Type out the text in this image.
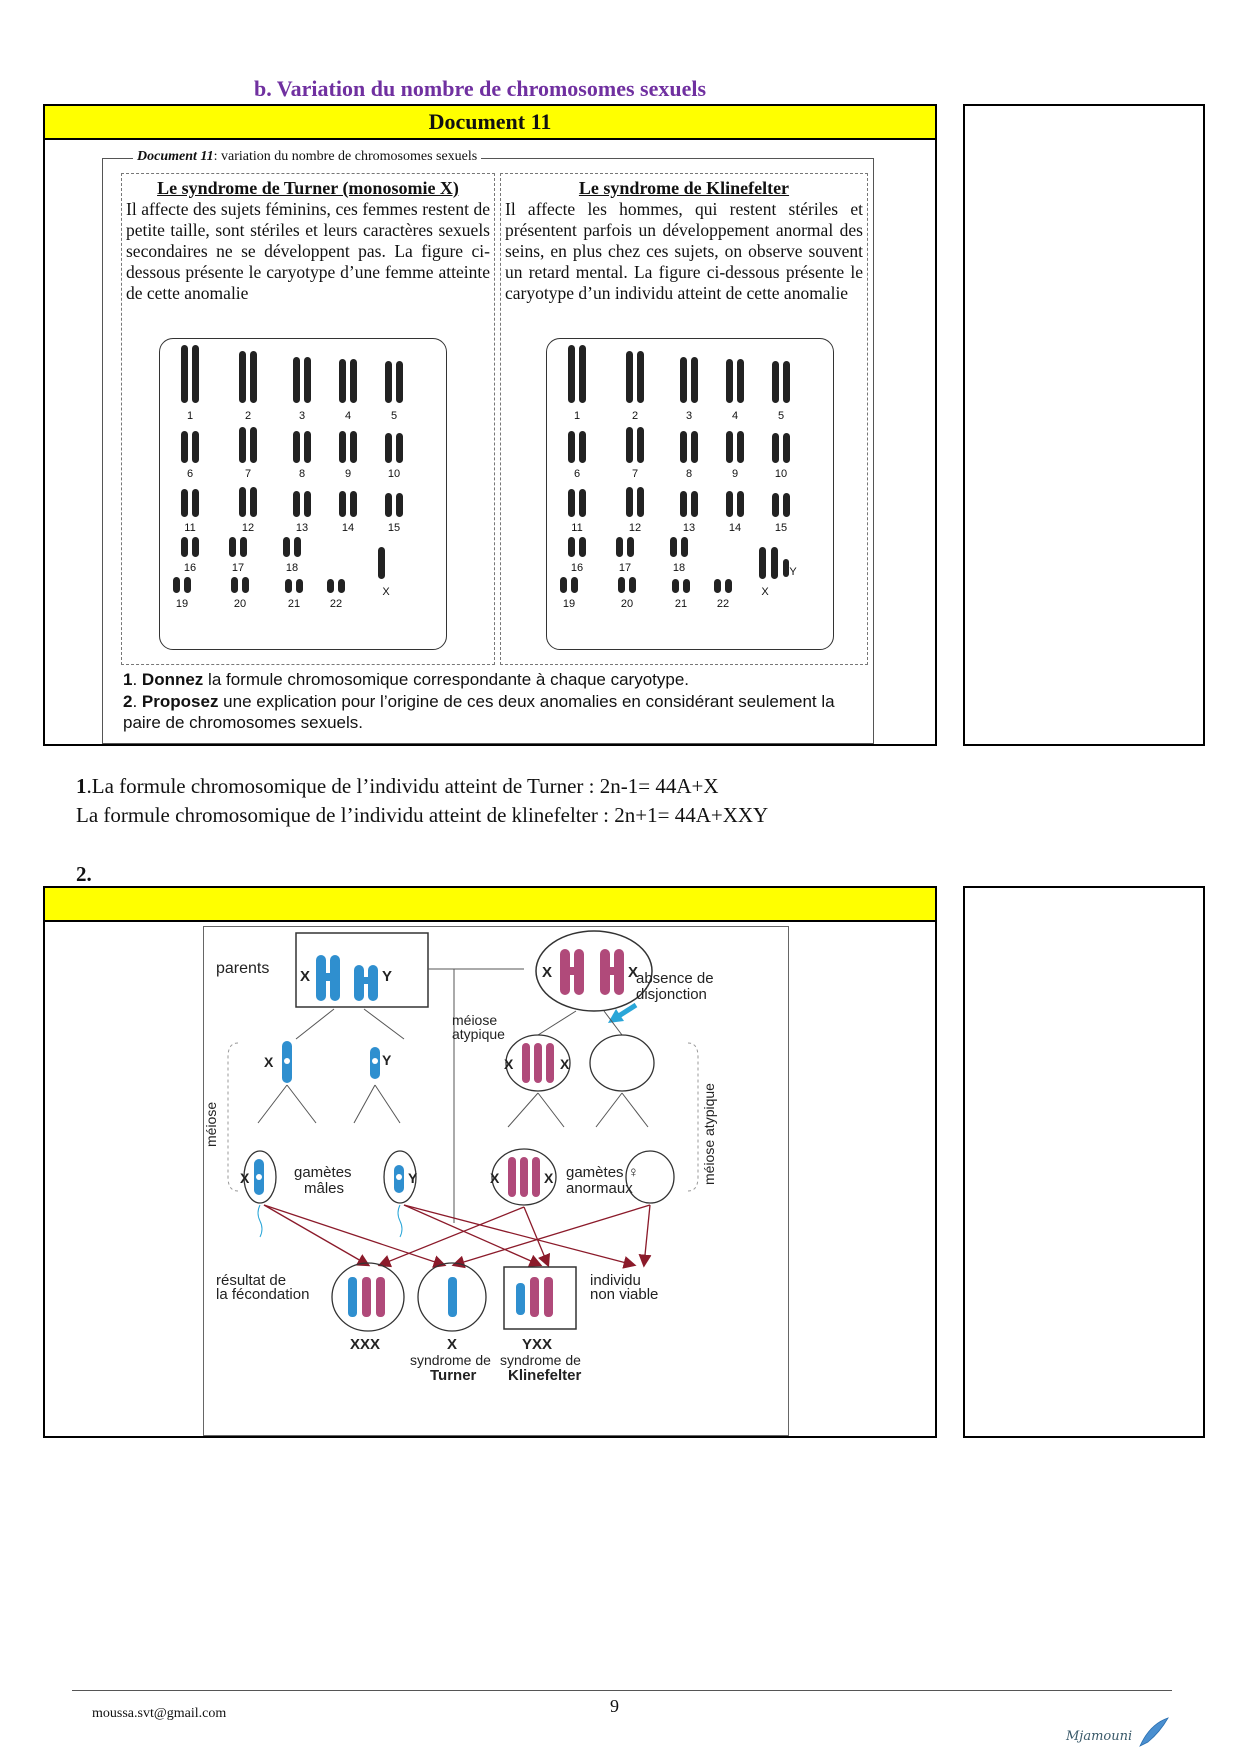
b. Variation du nombre de chromosomes sexuels
Document 11
Document 11: variation du nombre de chromosomes sexuels
Le syndrome de Turner (monosomie X)

Il affecte des sujets féminins, ces femmes restent de petite taille, sont stériles et leurs caractères sexuels secondaires ne se développent pas. La figure ci-dessous présente le caryotype d’une femme atteinte de cette anomalie

1	2	3	4	5
6	7	8	9	10
11	12	13	14	15
16	17	18
19	20	21	22
X
Le syndrome de Klinefelter

Il affecte les hommes, qui restent stériles et présentent parfois un développement anormal des seins, en plus chez ces sujets, on observe souvent un retard mental. La figure ci-dessous présente le caryotype d’un individu atteint de cette anomalie

1	2	3	4	5
6	7	8	9	10
11	12	13	14	15
16	17	18
19	20	21	22
X
Y
1. Donnez la formule chromosomique correspondante à chaque caryotype.
2. Proposez une explication pour l’origine de ces deux anomalies en considérant seulement la paire de chromosomes sexuels.
1.La formule chromosomique de l’individu atteint de Turner : 2n-1= 44A+X
La formule chromosomique de l’individu atteint de klinefelter : 2n+1= 44A+XXY
2.
parents X	Y	X	X
absence de
disjonction
méiose
atypique
X	Y	X	X
méiose	méiose atypique
X	gamètes
mâles
Y	X	X gamètes ♀
anormaux
résultat de
la fécondation
XXX	X
syndrome de
Turner
YXX
syndrome de
Klinefelter
individu
non viable
moussa.svt@gmail.com	9
Mjamouni
